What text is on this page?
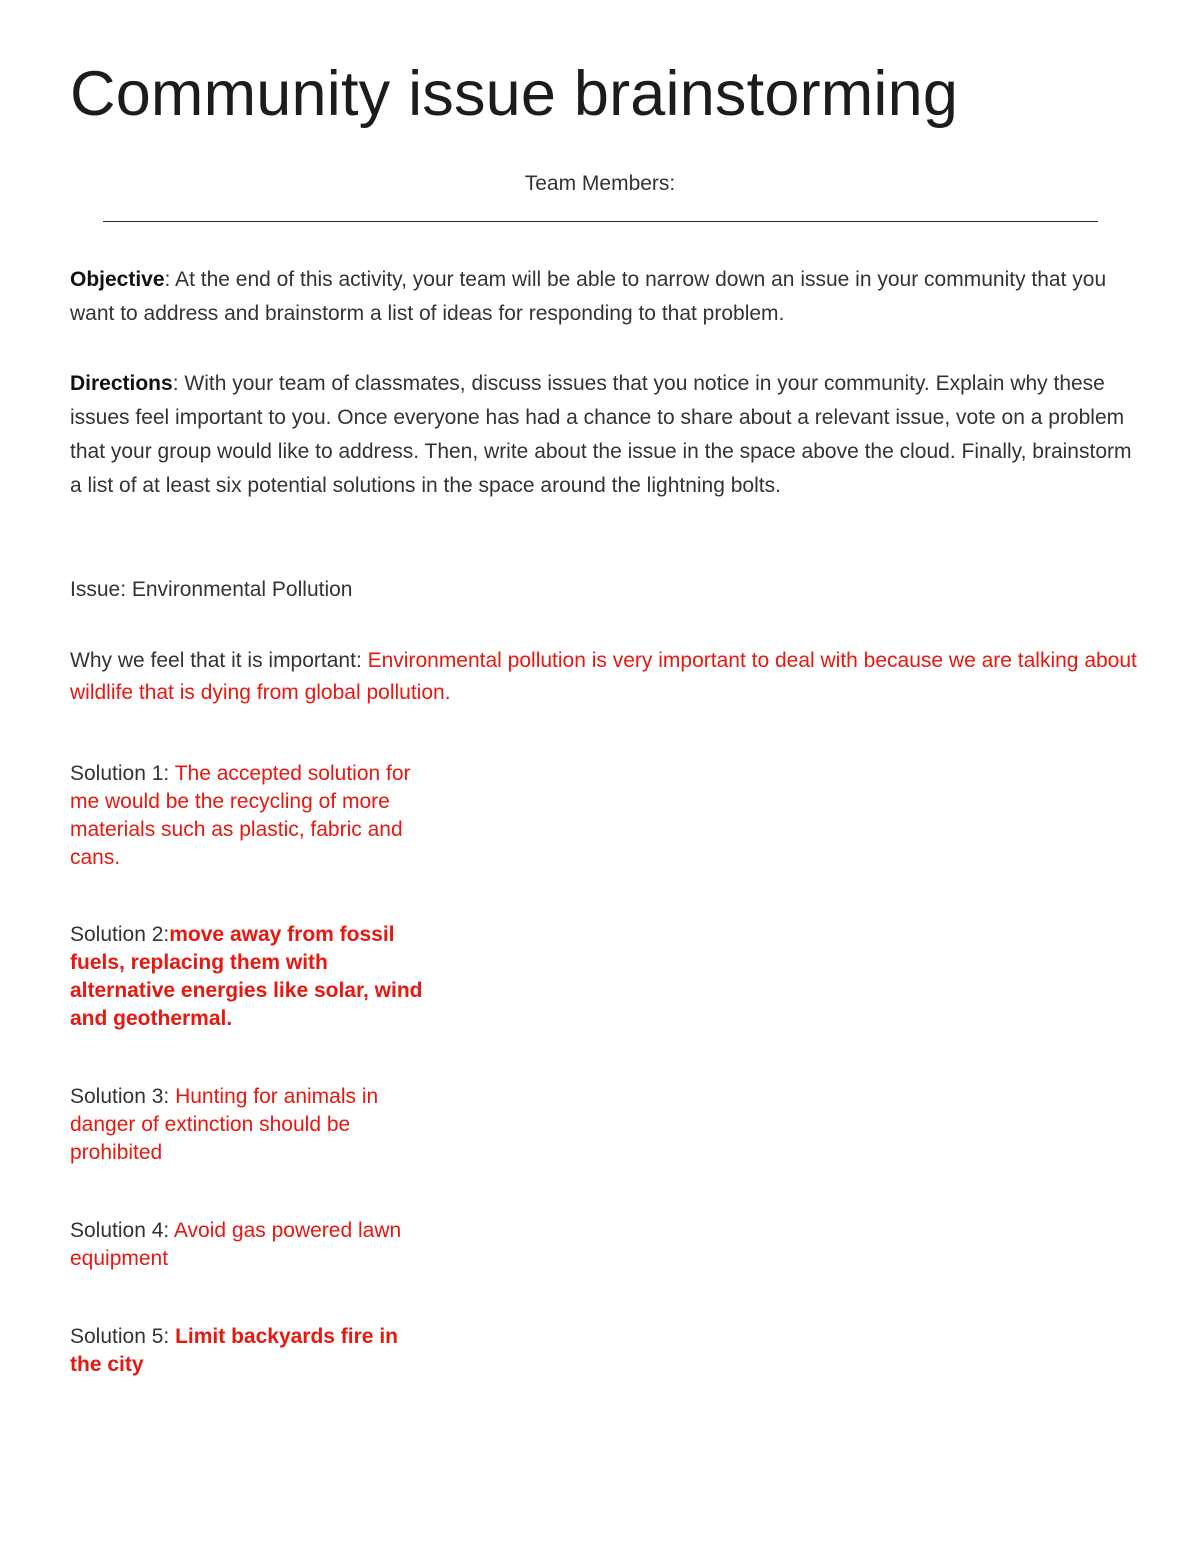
Community issue brainstorming
Team Members:

Objective: At the end of this activity, your team will be able to narrow down an issue in your community that you want to address and brainstorm a list of ideas for responding to that problem.

Directions: With your team of classmates, discuss issues that you notice in your community. Explain why these issues feel important to you. Once everyone has had a chance to share about a relevant issue, vote on a problem that your group would like to address. Then, write about the issue in the space above the cloud. Finally, brainstorm a list of at least six potential solutions in the space around the lightning bolts.

Issue: Environmental Pollution

Why we feel that it is important: Environmental pollution is very important to deal with because we are talking about wildlife that is dying from global pollution.

Solution 1: The accepted solution for me would be the recycling of more materials such as plastic, fabric and cans.

Solution 2:move away from fossil fuels, replacing them with alternative energies like solar, wind and geothermal.

Solution 3: Hunting for animals in danger of extinction should be prohibited

Solution 4: Avoid gas powered lawn equipment

Solution 5: Limit backyards fire in the city
